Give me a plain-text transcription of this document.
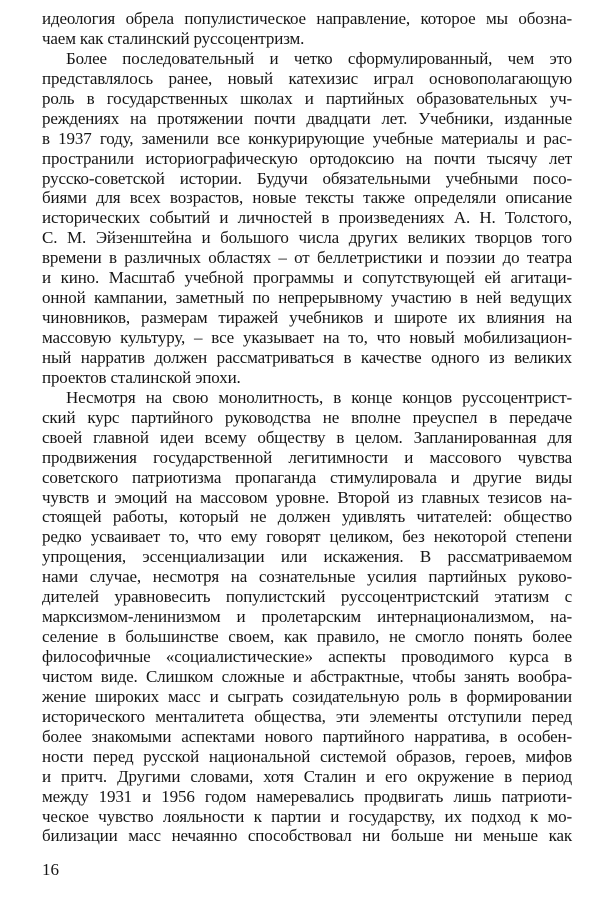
идеология обрела популистическое направление, которое мы обозна-
чаем как сталинский руссоцентризм.
Более последовательный и четко сформулированный, чем это
представлялось ранее, новый катехизис играл основополагающую
роль в государственных школах и партийных образовательных уч-
реждениях на протяжении почти двадцати лет. Учебники, изданные
в 1937 году, заменили все конкурирующие учебные материалы и рас-
пространили историографическую ортодоксию на почти тысячу лет
русско-советской истории. Будучи обязательными учебными посо-
биями для всех возрастов, новые тексты также определяли описание
исторических событий и личностей в произведениях А. Н. Толстого,
С. М. Эйзенштейна и большого числа других великих творцов того
времени в различных областях – от беллетристики и поэзии до театра
и кино. Масштаб учебной программы и сопутствующей ей агитаци-
онной кампании, заметный по непрерывному участию в ней ведущих
чиновников, размерам тиражей учебников и широте их влияния на
массовую культуру, – все указывает на то, что новый мобилизацион-
ный нарратив должен рассматриваться в качестве одного из великих
проектов сталинской эпохи.
Несмотря на свою монолитность, в конце концов руссоцентрист-
ский курс партийного руководства не вполне преуспел в передаче
своей главной идеи всему обществу в целом. Запланированная для
продвижения государственной легитимности и массового чувства
советского патриотизма пропаганда стимулировала и другие виды
чувств и эмоций на массовом уровне. Второй из главных тезисов на-
стоящей работы, который не должен удивлять читателей: общество
редко усваивает то, что ему говорят целиком, без некоторой степени
упрощения, эссенциализации или искажения. В рассматриваемом
нами случае, несмотря на сознательные усилия партийных руково-
дителей уравновесить популистский руссоцентристский этатизм с
марксизмом-ленинизмом и пролетарским интернационализмом, на-
селение в большинстве своем, как правило, не смогло понять более
философичные «социалистические» аспекты проводимого курса в
чистом виде. Слишком сложные и абстрактные, чтобы занять вообра-
жение широких масс и сыграть созидательную роль в формировании
исторического менталитета общества, эти элементы отступили перед
более знакомыми аспектами нового партийного нарратива, в особен-
ности перед русской национальной системой образов, героев, мифов
и притч. Другими словами, хотя Сталин и его окружение в период
между 1931 и 1956 годом намеревались продвигать лишь патриоти-
ческое чувство лояльности к партии и государству, их подход к мо-
билизации масс нечаянно способствовал ни больше ни меньше как
16
